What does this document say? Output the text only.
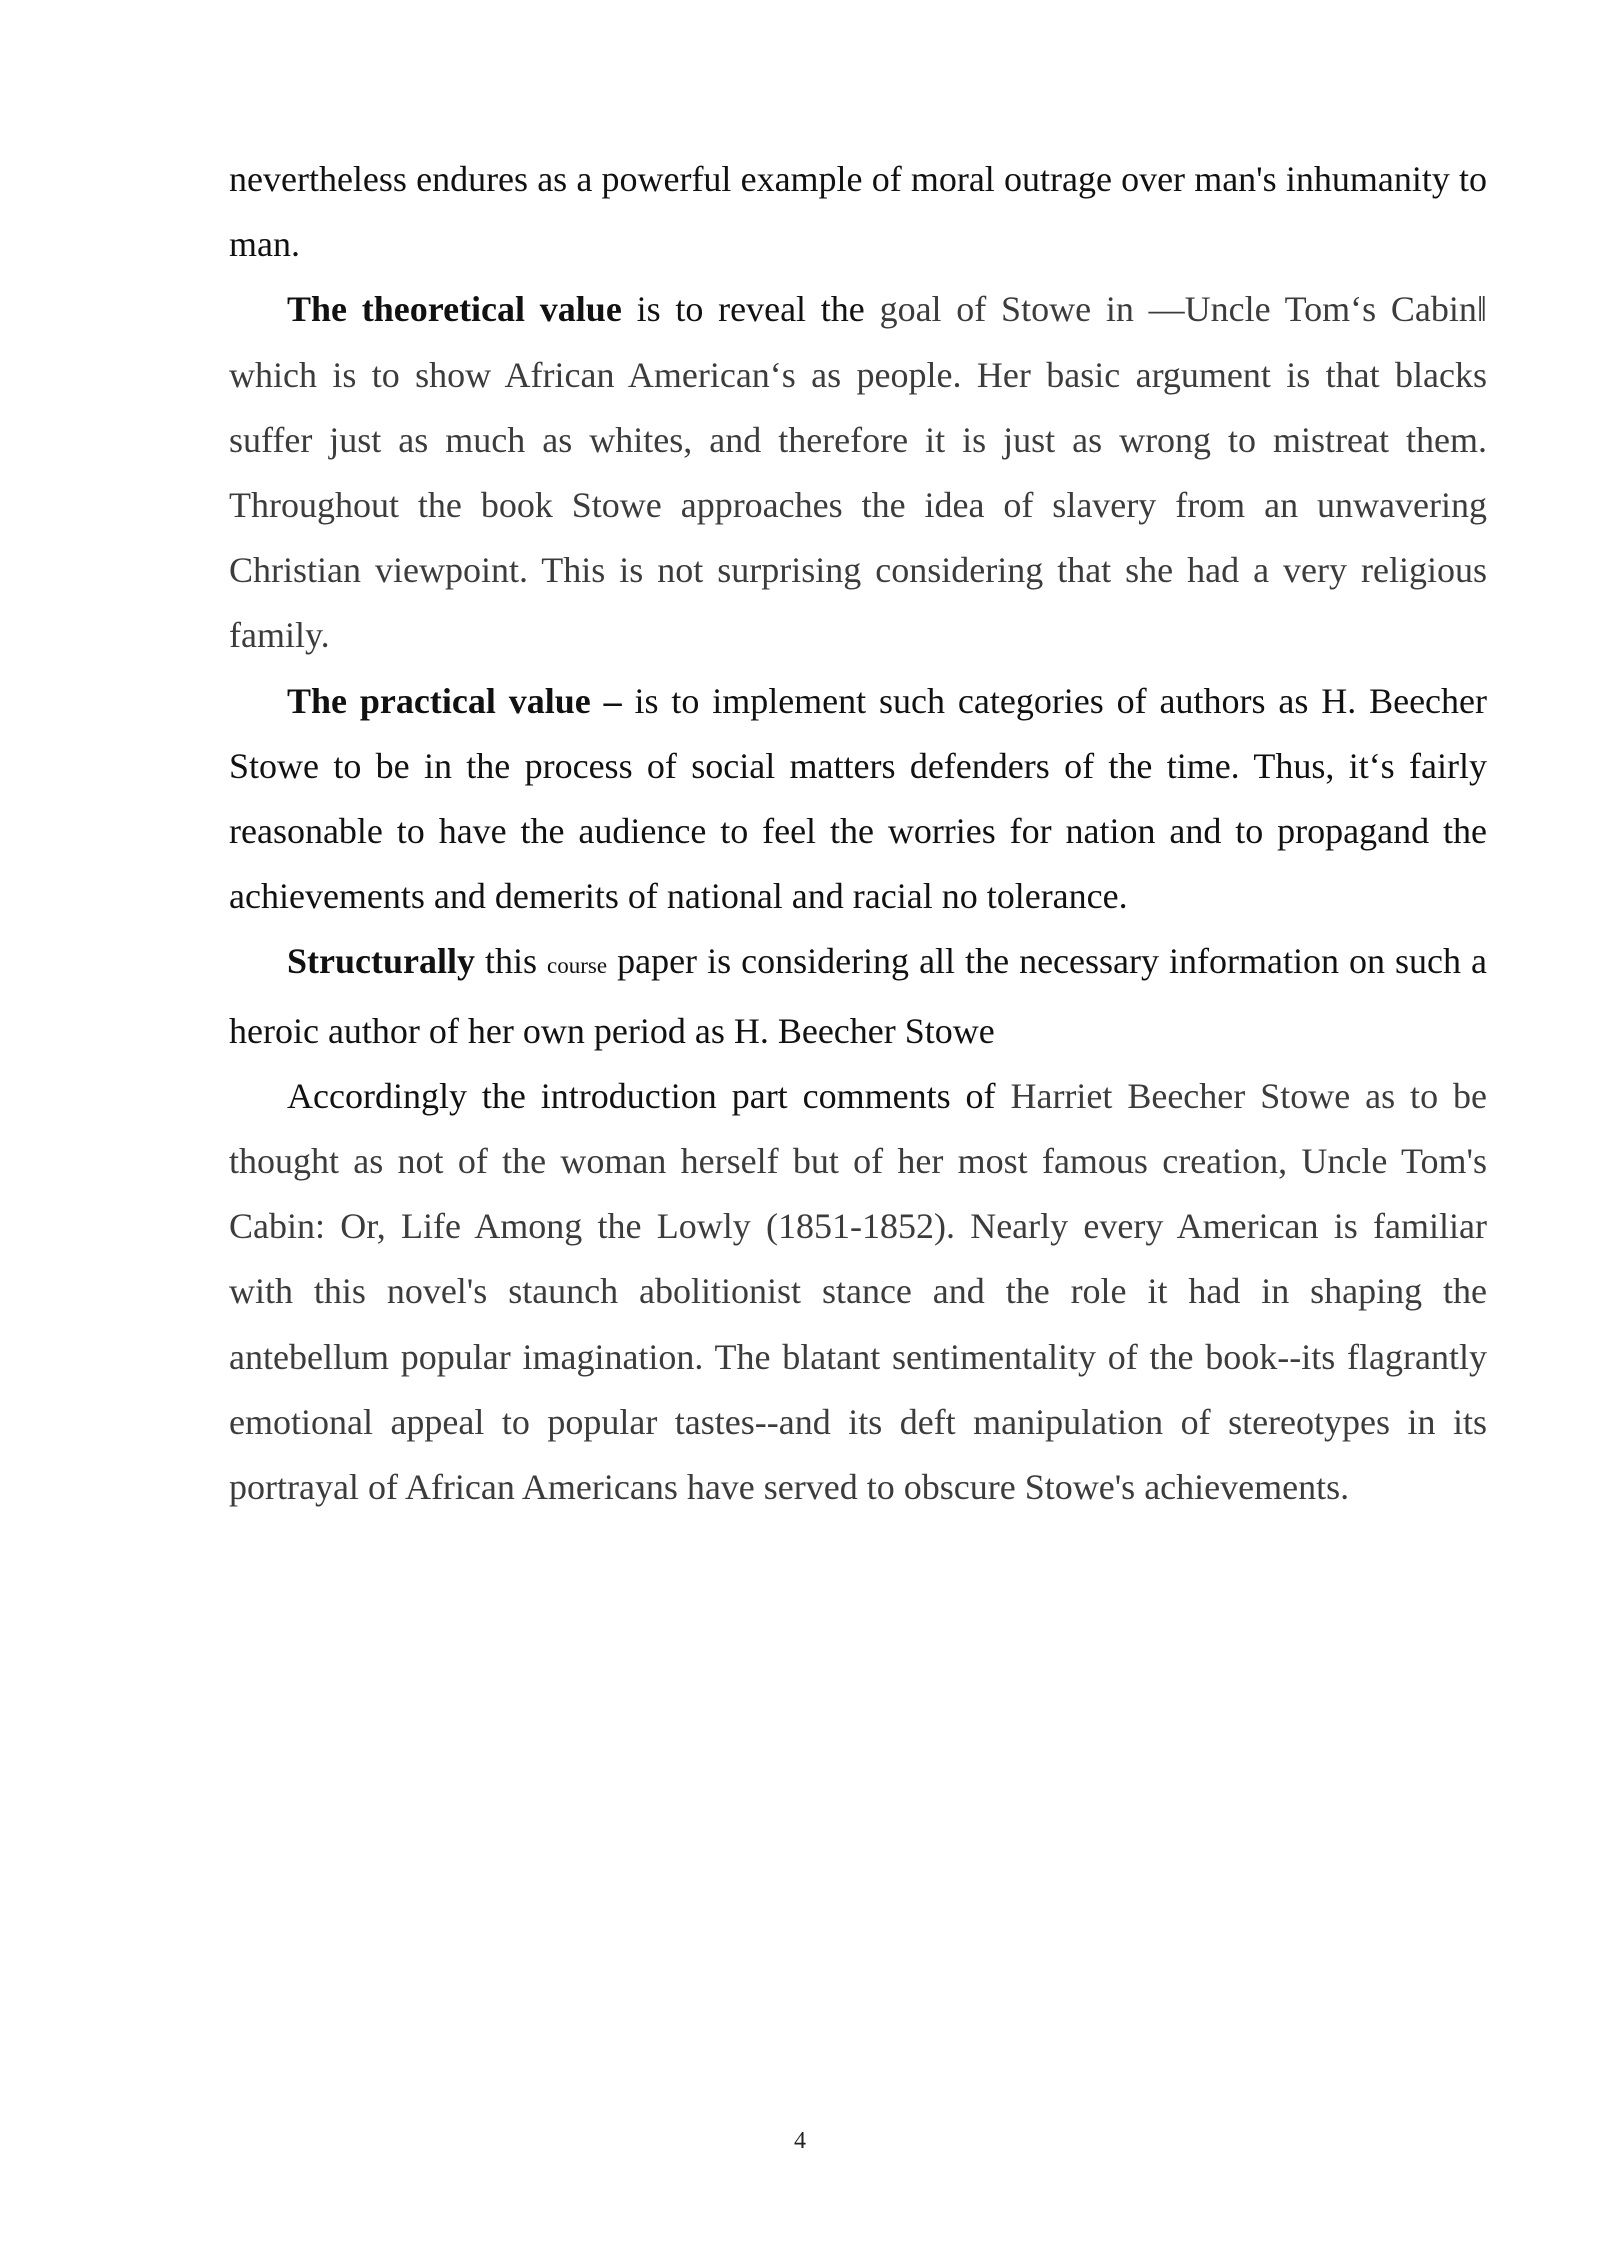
nevertheless endures as a powerful example of moral outrage over man's inhumanity to man.

The theoretical value is to reveal the goal of Stowe in ―Uncle Tom‘s Cabin‖ which is to show African American‘s as people. Her basic argument is that blacks suffer just as much as whites, and therefore it is just as wrong to mistreat them. Throughout the book Stowe approaches the idea of slavery from an unwavering Christian viewpoint. This is not surprising considering that she had a very religious family.

The practical value – is to implement such categories of authors as H. Beecher Stowe to be in the process of social matters defenders of the time. Thus, it‘s fairly reasonable to have the audience to feel the worries for nation and to propagand the achievements and demerits of national and racial no tolerance.

Structurally this course paper is considering all the necessary information on such a heroic author of her own period as H. Beecher Stowe

Accordingly the introduction part comments of Harriet Beecher Stowe as to be thought as not of the woman herself but of her most famous creation, Uncle Tom's Cabin: Or, Life Among the Lowly (1851-1852). Nearly every American is familiar with this novel's staunch abolitionist stance and the role it had in shaping the antebellum popular imagination. The blatant sentimentality of the book--its flagrantly emotional appeal to popular tastes--and its deft manipulation of stereotypes in its portrayal of African Americans have served to obscure Stowe's achievements.

4
